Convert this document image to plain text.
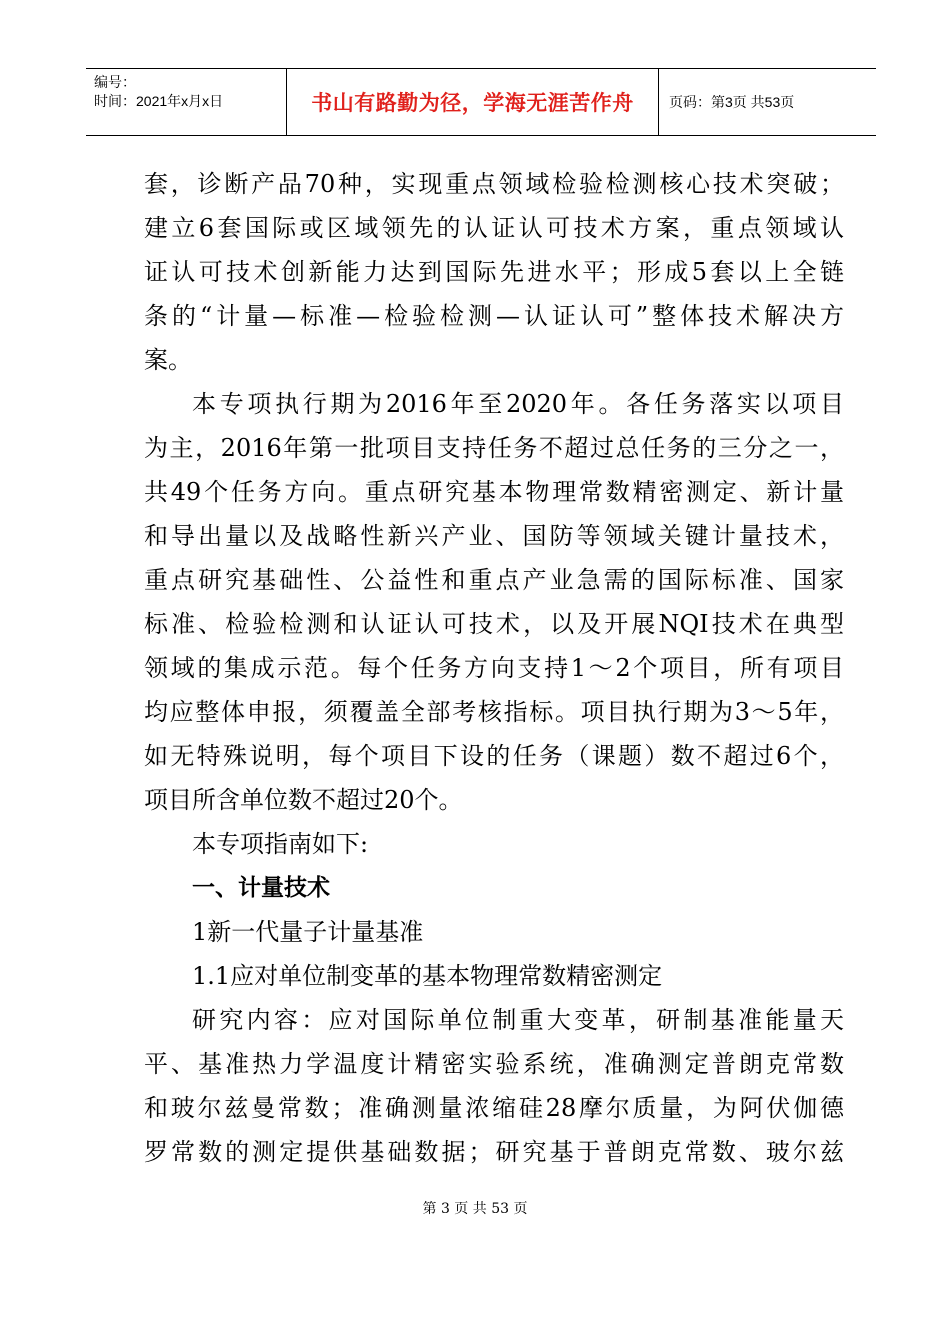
编号：
时间：2021年x月x日	书山有路勤为径，学海无涯苦作舟	页码：第3页 共53页
套，诊断产品70种，实现重点领域检验检测核心技术突破；
建立6套国际或区域领先的认证认可技术方案，重点领域认
证认可技术创新能力达到国际先进水平；形成5套以上全链
条的“计量—标准—检验检测—认证认可”整体技术解决方
案。
本专项执行期为2016年至2020年。各任务落实以项目
为主，2016年第一批项目支持任务不超过总任务的三分之一，
共49个任务方向。重点研究基本物理常数精密测定、新计量
和导出量以及战略性新兴产业、国防等领域关键计量技术，
重点研究基础性、公益性和重点产业急需的国际标准、国家
标准、检验检测和认证认可技术，以及开展NQI技术在典型
领域的集成示范。每个任务方向支持1～2个项目，所有项目
均应整体申报，须覆盖全部考核指标。项目执行期为3～5年，
如无特殊说明，每个项目下设的任务（课题）数不超过6个，
项目所含单位数不超过20个。
本专项指南如下:
一、计量技术
1新一代量子计量基准
1.1应对单位制变革的基本物理常数精密测定
研究内容：应对国际单位制重大变革，研制基准能量天
平、基准热力学温度计精密实验系统，准确测定普朗克常数
和玻尔兹曼常数；准确测量浓缩硅28摩尔质量，为阿伏伽德
罗常数的测定提供基础数据；研究基于普朗克常数、玻尔兹
第 3 页 共 53 页
